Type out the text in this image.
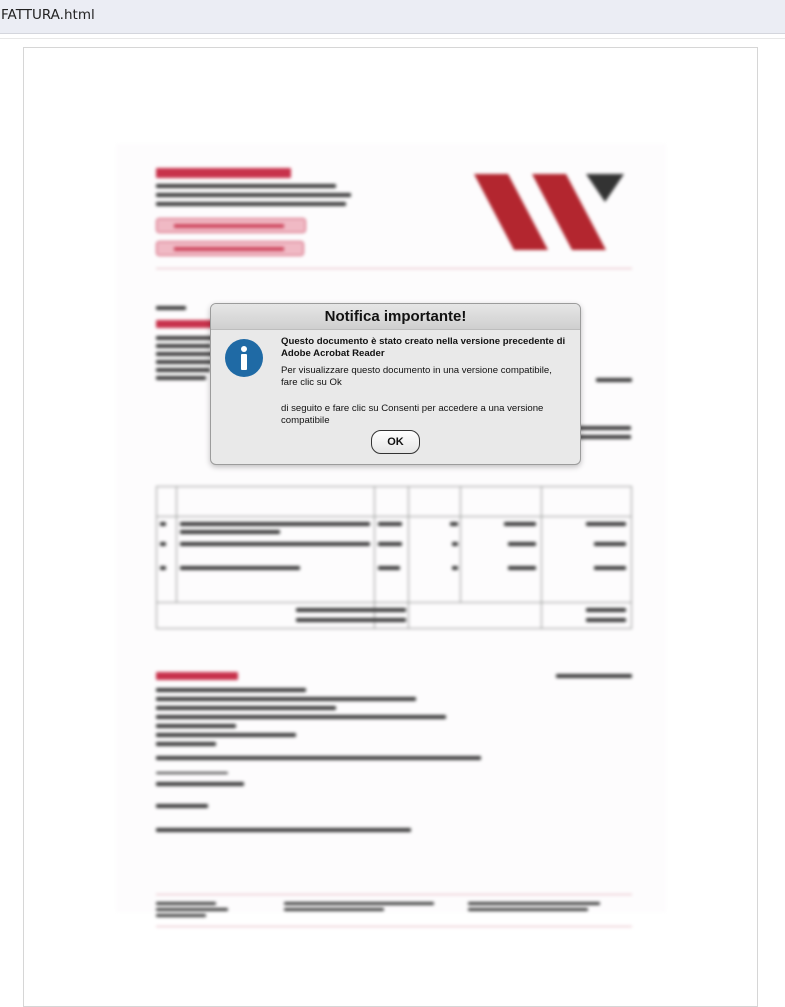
FATTURA.html
Notifica importante!
Questo documento è stato creato nella versione precedente di Adobe Acrobat Reader
Per visualizzare questo documento in una versione compatibile, fare clic su Ok
di seguito e fare clic su Consenti per accedere a una versione compatibile
OK
